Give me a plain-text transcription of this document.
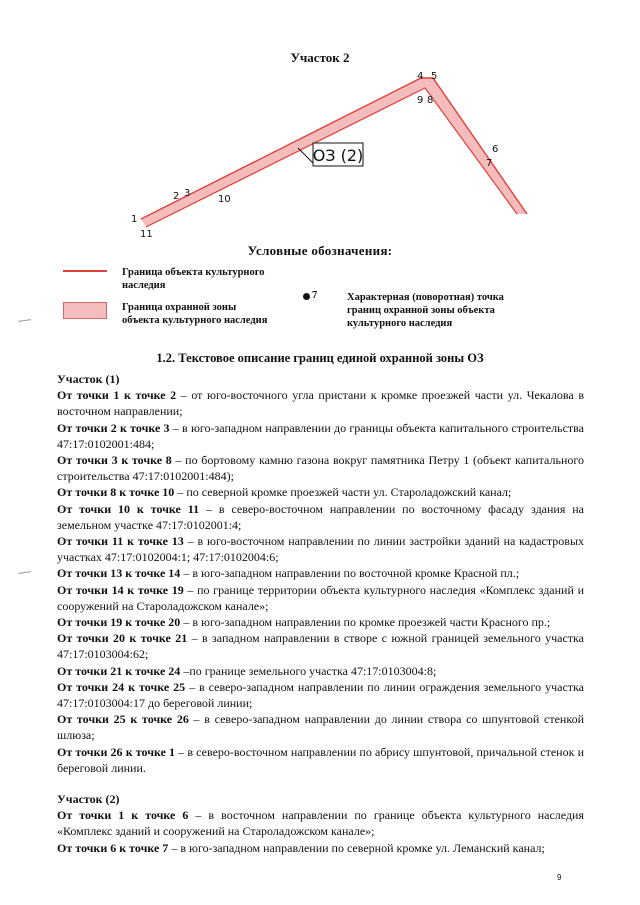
Участок 2
ОЗ (2)
1
11
2 3
10
4 5
9 8
6
7
Условные обозначения:
Граница объекта культурного
наследия
Граница охранной зоны
объекта культурного наследия
7	Характерная (поворотная) точка
границ охранной зоны объекта
культурного наследия
1.2. Текстовое описание границ единой охранной зоны ОЗ

Участок (1)

От точки 1 к точке 2 – от юго-восточного угла пристани к кромке проезжей части ул. Чекалова в восточном направлении;

От точки 2 к точке 3 – в юго-западном направлении до границы объекта капитального строительства 47:17:0102001:484;

От точки 3 к точке 8 – по бортовому камню газона вокруг памятника Петру 1 (объект капитального строительства 47:17:0102001:484);

От точки 8 к точке 10 – по северной кромке проезжей части ул. Староладожский канал;

От точки 10 к точке 11 – в северо-восточном направлении по восточному фасаду здания на земельном участке 47:17:0102001:4;

От точки 11 к точке 13 – в юго-восточном направлении по линии застройки зданий на кадастровых участках 47:17:0102004:1; 47:17:0102004:6;

От точки 13 к точке 14 – в юго-западном направлении по восточной кромке Красной пл.;

От точки 14 к точке 19 – по границе территории объекта культурного наследия «Комплекс зданий и сооружений на Староладожском канале»;

От точки 19 к точке 20 – в юго-западном направлении по кромке проезжей части Красного пр.;

От точки 20 к точке 21 – в западном направлении в створе с южной границей земельного участка 47:17:0103004:62;

От точки 21 к точке 24 –по границе земельного участка 47:17:0103004:8;

От точки 24 к точке 25 – в северо-западном направлении по линии ограждения земельного участка 47:17:0103004:17 до береговой линии;

От точки 25 к точке 26 – в северо-западном направлении до линии створа со шпунтовой стенкой шлюза;

От точки 26 к точке 1 – в северо-восточном направлении по абрису шпунтовой, причальной стенок и береговой линии.

Участок (2)

От точки 1 к точке 6 – в восточном направлении по границе объекта культурного наследия «Комплекс зданий и сооружений на Староладожском канале»;

От точки 6 к точке 7 – в юго-западном направлении по северной кромке ул. Леманский канал;

9
